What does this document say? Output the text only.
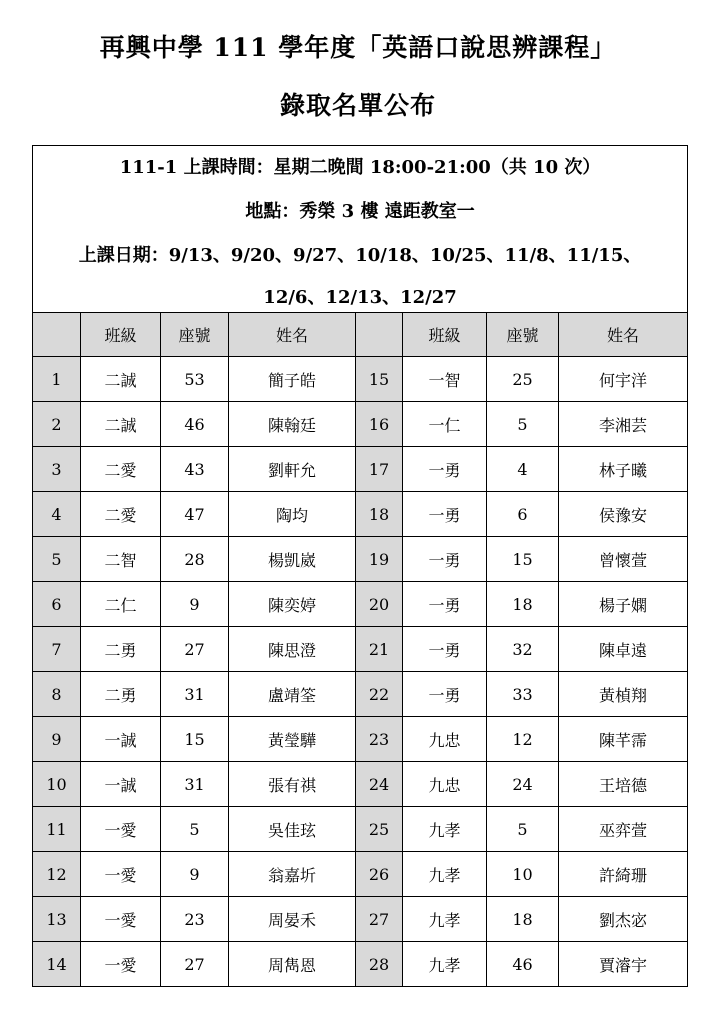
再興中學 111 學年度「英語口說思辨課程」
錄取名單公布
111-1 上課時間：星期二晚間 18:00-21:00（共 10 次）
地點：秀榮 3 樓 遠距教室一
上課日期：9/13、9/20、9/27、10/18、10/25、11/8、11/15、
12/6、12/13、12/27							

	班級	座號	姓名		班級	座號	姓名
1	二誠	53	簡子皓	15	一智	25	何宇洋
2	二誠	46	陳翰廷	16	一仁	5	李湘芸
3	二愛	43	劉軒允	17	一勇	4	林子曦
4	二愛	47	陶均	18	一勇	6	侯豫安
5	二智	28	楊凱崴	19	一勇	15	曾懷萱
6	二仁	9	陳奕婷	20	一勇	18	楊子嫻
7	二勇	27	陳思澄	21	一勇	32	陳卓遠
8	二勇	31	盧靖筌	22	一勇	33	黃楨翔
9	一誠	15	黃瑩驊	23	九忠	12	陳芊霈
10	一誠	31	張有祺	24	九忠	24	王培德
11	一愛	5	吳佳玹	25	九孝	5	巫弈萱
12	一愛	9	翁嘉圻	26	九孝	10	許綺珊
13	一愛	23	周晏禾	27	九孝	18	劉杰宓
14	一愛	27	周雋恩	28	九孝	46	賈濬宇
